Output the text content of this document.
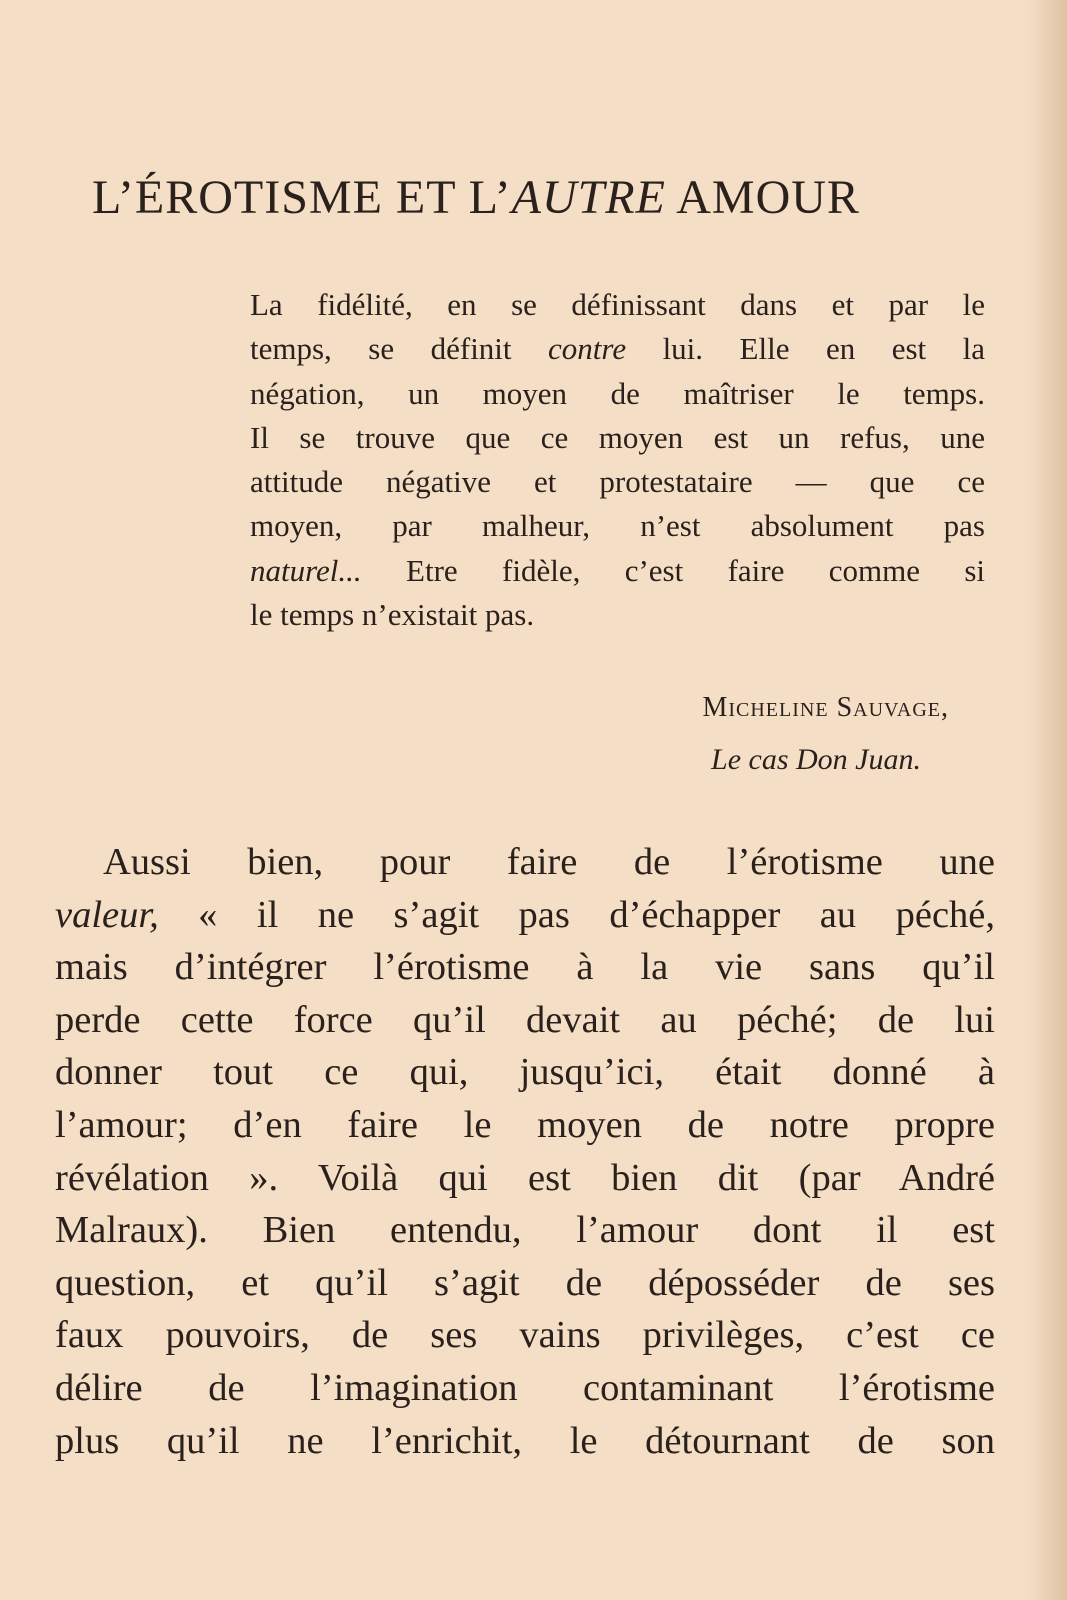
L’ÉROTISME ET L’AUTRE AMOUR
La fidélité, en se définissant dans et par le
temps, se définit contre lui. Elle en est la
négation, un moyen de maîtriser le temps.
Il se trouve que ce moyen est un refus, une
attitude négative et protestataire — que ce
moyen, par malheur, n’est absolument pas
naturel... Etre fidèle, c’est faire comme si
le temps n’existait pas.
Micheline Sauvage,
Le cas Don Juan.
Aussi bien, pour faire de l’érotisme une
valeur, « il ne s’agit pas d’échapper au péché,
mais d’intégrer l’érotisme à la vie sans qu’il
perde cette force qu’il devait au péché; de lui
donner tout ce qui, jusqu’ici, était donné à
l’amour; d’en faire le moyen de notre propre
révélation ». Voilà qui est bien dit (par André
Malraux). Bien entendu, l’amour dont il est
question, et qu’il s’agit de déposséder de ses
faux pouvoirs, de ses vains privilèges, c’est ce
délire de l’imagination contaminant l’érotisme
plus qu’il ne l’enrichit, le détournant de son
